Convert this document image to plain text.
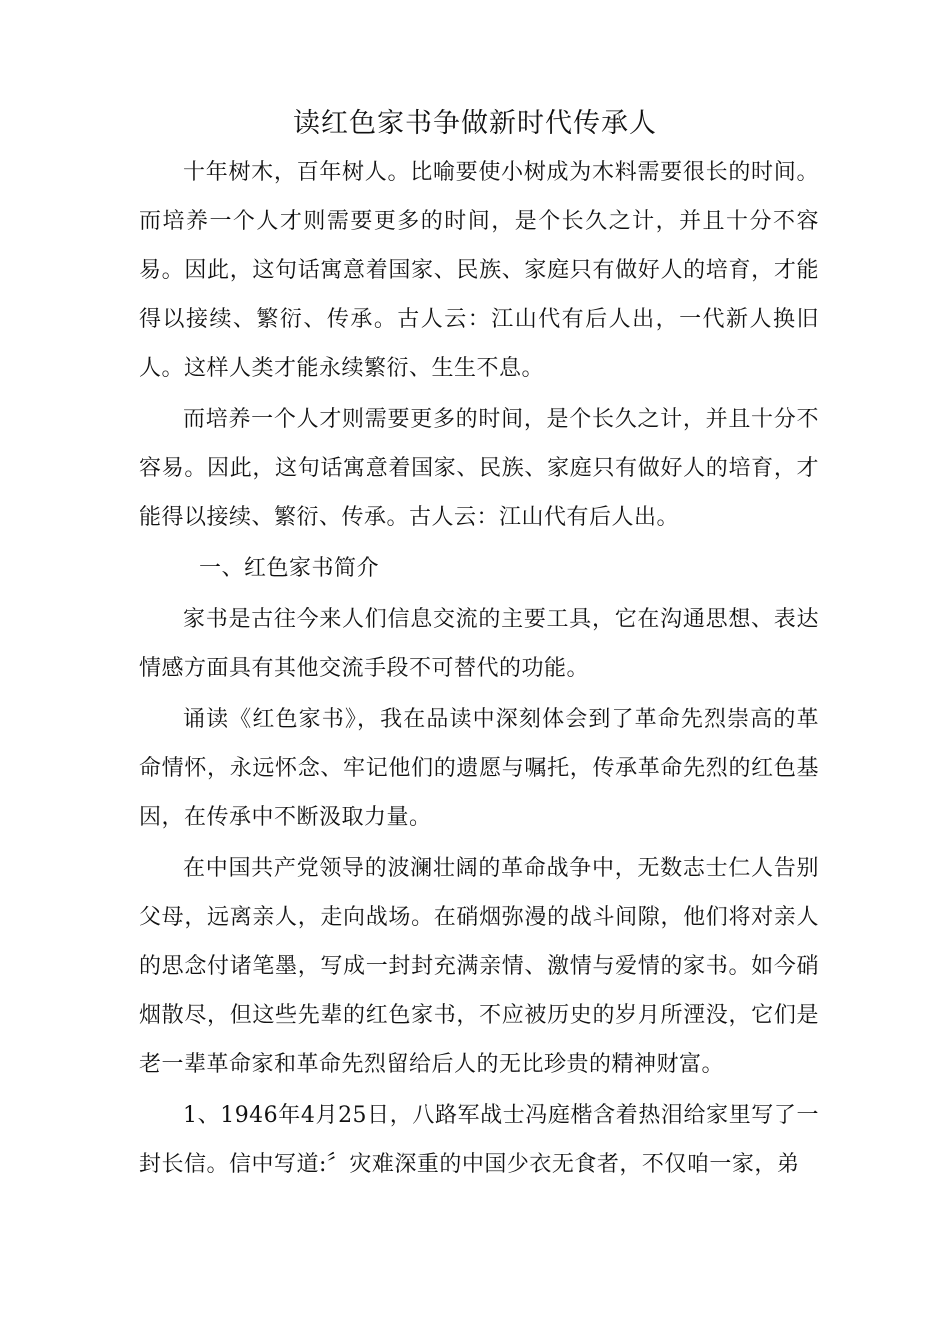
读红色家书争做新时代传承人

十年树木，百年树人。比喻要使小树成为木料需要很长的时间。而培养一个人才则需要更多的时间，是个长久之计，并且十分不容易。因此，这句话寓意着国家、民族、家庭只有做好人的培育，才能得以接续、繁衍、传承。古人云：江山代有后人出，一代新人换旧人。这样人类才能永续繁衍、生生不息。

而培养一个人才则需要更多的时间，是个长久之计，并且十分不容易。因此，这句话寓意着国家、民族、家庭只有做好人的培育，才能得以接续、繁衍、传承。古人云：江山代有后人出。

一、红色家书简介

家书是古往今来人们信息交流的主要工具，它在沟通思想、表达情感方面具有其他交流手段不可替代的功能。

诵读《红色家书》，我在品读中深刻体会到了革命先烈崇高的革命情怀，永远怀念、牢记他们的遗愿与嘱托，传承革命先烈的红色基因，在传承中不断汲取力量。

在中国共产党领导的波澜壮阔的革命战争中，无数志士仁人告别父母，远离亲人，走向战场。在硝烟弥漫的战斗间隙，他们将对亲人的思念付诸笔墨，写成一封封充满亲情、激情与爱情的家书。如今硝烟散尽，但这些先辈的红色家书，不应被历史的岁月所湮没，它们是老一辈革命家和革命先烈留给后人的无比珍贵的精神财富。

1、1946年4月25日，八路军战士冯庭楷含着热泪给家里写了一封长信。信中写道:〞灾难深重的中国少衣无食者，不仅咱一家，弟
